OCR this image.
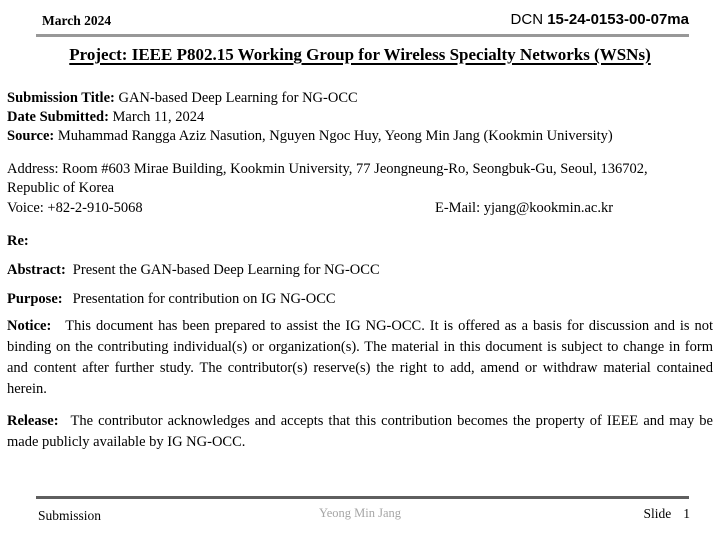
March 2024	DCN 15-24-0153-00-07ma
Project: IEEE P802.15 Working Group for Wireless Specialty Networks (WSNs)
Submission Title: GAN-based Deep Learning for NG-OCC
Date Submitted: March 11, 2024
Source: Muhammad Rangga Aziz Nasution, Nguyen Ngoc Huy, Yeong Min Jang (Kookmin University)
Address: Room #603 Mirae Building, Kookmin University, 77 Jeongneung-Ro, Seongbuk-Gu, Seoul, 136702, Republic of Korea
Voice: +82-2-910-5068	E-Mail: yjang@kookmin.ac.kr
Re:
Abstract: Present the GAN-based Deep Learning for NG-OCC
Purpose: Presentation for contribution on IG NG-OCC
Notice: This document has been prepared to assist the IG NG-OCC. It is offered as a basis for discussion and is not binding on the contributing individual(s) or organization(s). The material in this document is subject to change in form and content after further study. The contributor(s) reserve(s) the right to add, amend or withdraw material contained herein.
Release: The contributor acknowledges and accepts that this contribution becomes the property of IEEE and may be made publicly available by IG NG-OCC.
Submission	Yeong Min Jang	Slide 1
